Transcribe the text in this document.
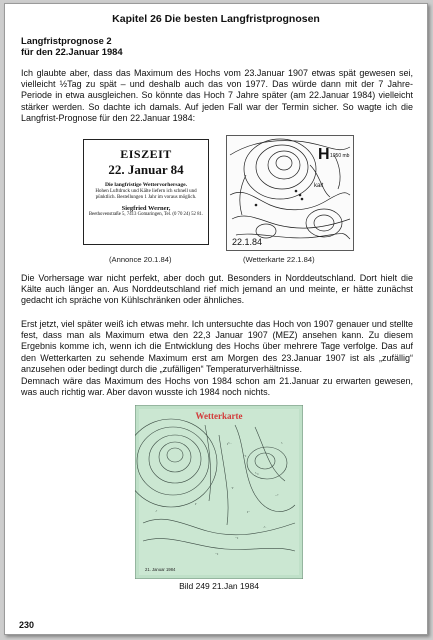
Kapitel 26 Die besten Langfristprognosen
Langfristprognose 2
für den 22.Januar 1984

Ich glaubte aber, dass das Maximum des Hochs vom 23.Januar 1907 etwas spät gewesen sei, vielleicht ½Tag zu spät – und deshalb auch das von 1977. Das würde dann mit der 7 Jahre-Periode in etwa ausgleichen. So könnte das Hoch 7 Jahre später (am 22.Januar 1984) vielleicht stärker werden. So dachte ich damals. Auf jeden Fall war der Termin sicher. So wagte ich die Langfrist-Prognose für den 22.Januar 1984:

EISZEIT
22. Januar 84
Die langfristige Wettervorhersage.
Hohen Luftdruck und Kälte liefern ich schnell und pünktlich. Bestellungen 1 Jahr im voraus möglich.
Siegfried Werner,
Beethovenstraße 5, 7413 Gomaringen, Tel. (0 70 24) 52 81.
(Annonce 20.1.84)
H 1050 mb
kalt
22.1.84
(Wetterkarte 22.1.84)

Die Vorhersage war nicht perfekt, aber doch gut. Besonders in Norddeutschland. Dort hielt die Kälte auch länger an. Aus Norddeutschland rief mich jemand an und meinte, er hätte zunächst gedacht ich spräche von Kühlschränken oder ähnliches.

Erst jetzt, viel später weiß ich etwas mehr. Ich untersuchte das Hoch von 1907 genauer und stellte fest, dass man als Maximum etwa den 22,3 Januar 1907 (MEZ) ansehen kann. Zu diesem Ergebnis komme ich, wenn ich die Entwicklung des Hochs über mehrere Tage verfolge. Das auf den Wetterkarten zu sehende Maximum erst am Morgen des 23.Januar 1907 ist als „zufällig“ anzusehen oder bedingt durch die „zufälligen“ Temperaturverhältnisse.

Demnach wäre das Maximum des Hochs von 1984 schon am 21.Januar zu erwarten gewesen, was auch richtig war. Aber davon wusste ich 1984 noch nichts.

Wetterkarte
•°··
··•
°·•
·•·
··°
•··
·°·
··•
•·
·°
°·
··•
21. Januar 1984
Bild 249 21.Jan 1984
230
